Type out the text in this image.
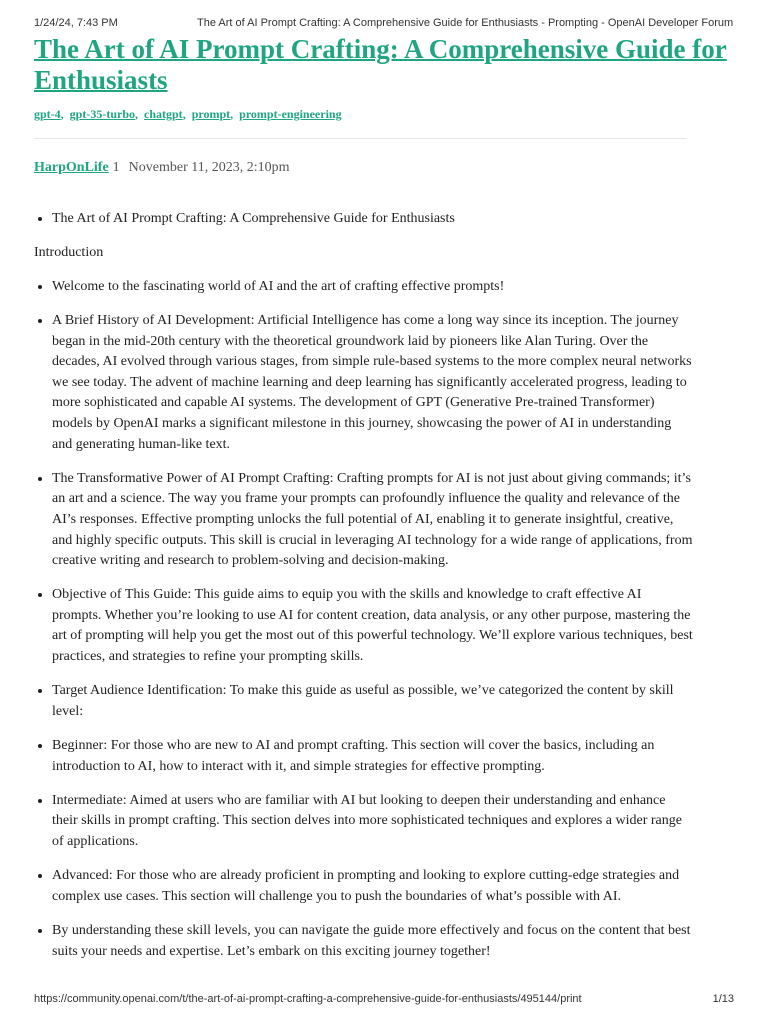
1/24/24, 7:43 PM	The Art of AI Prompt Crafting: A Comprehensive Guide for Enthusiasts - Prompting - OpenAI Developer Forum
The Art of AI Prompt Crafting: A Comprehensive Guide for Enthusiasts
gpt-4, gpt-35-turbo, chatgpt, prompt, prompt-engineering
HarpOnLife 1 November 11, 2023, 2:10pm
• The Art of AI Prompt Crafting: A Comprehensive Guide for Enthusiasts

Introduction

• Welcome to the fascinating world of AI and the art of crafting effective prompts!
• A Brief History of AI Development: Artificial Intelligence has come a long way since its inception. The journey began in the mid-20th century with the theoretical groundwork laid by pioneers like Alan Turing. Over the decades, AI evolved through various stages, from simple rule-based systems to the more complex neural networks we see today. The advent of machine learning and deep learning has significantly accelerated progress, leading to more sophisticated and capable AI systems. The development of GPT (Generative Pre-trained Transformer) models by OpenAI marks a significant milestone in this journey, showcasing the power of AI in understanding and generating human-like text.
• The Transformative Power of AI Prompt Crafting: Crafting prompts for AI is not just about giving commands; it’s an art and a science. The way you frame your prompts can profoundly influence the quality and relevance of the AI’s responses. Effective prompting unlocks the full potential of AI, enabling it to generate insightful, creative, and highly specific outputs. This skill is crucial in leveraging AI technology for a wide range of applications, from creative writing and research to problem-solving and decision-making.
• Objective of This Guide: This guide aims to equip you with the skills and knowledge to craft effective AI prompts. Whether you’re looking to use AI for content creation, data analysis, or any other purpose, mastering the art of prompting will help you get the most out of this powerful technology. We’ll explore various techniques, best practices, and strategies to refine your prompting skills.
• Target Audience Identification: To make this guide as useful as possible, we’ve categorized the content by skill level:
• Beginner: For those who are new to AI and prompt crafting. This section will cover the basics, including an introduction to AI, how to interact with it, and simple strategies for effective prompting.
• Intermediate: Aimed at users who are familiar with AI but looking to deepen their understanding and enhance their skills in prompt crafting. This section delves into more sophisticated techniques and explores a wider range of applications.
• Advanced: For those who are already proficient in prompting and looking to explore cutting-edge strategies and complex use cases. This section will challenge you to push the boundaries of what’s possible with AI.
• By understanding these skill levels, you can navigate the guide more effectively and focus on the content that best suits your needs and expertise. Let’s embark on this exciting journey together!
https://community.openai.com/t/the-art-of-ai-prompt-crafting-a-comprehensive-guide-for-enthusiasts/495144/print	1/13
